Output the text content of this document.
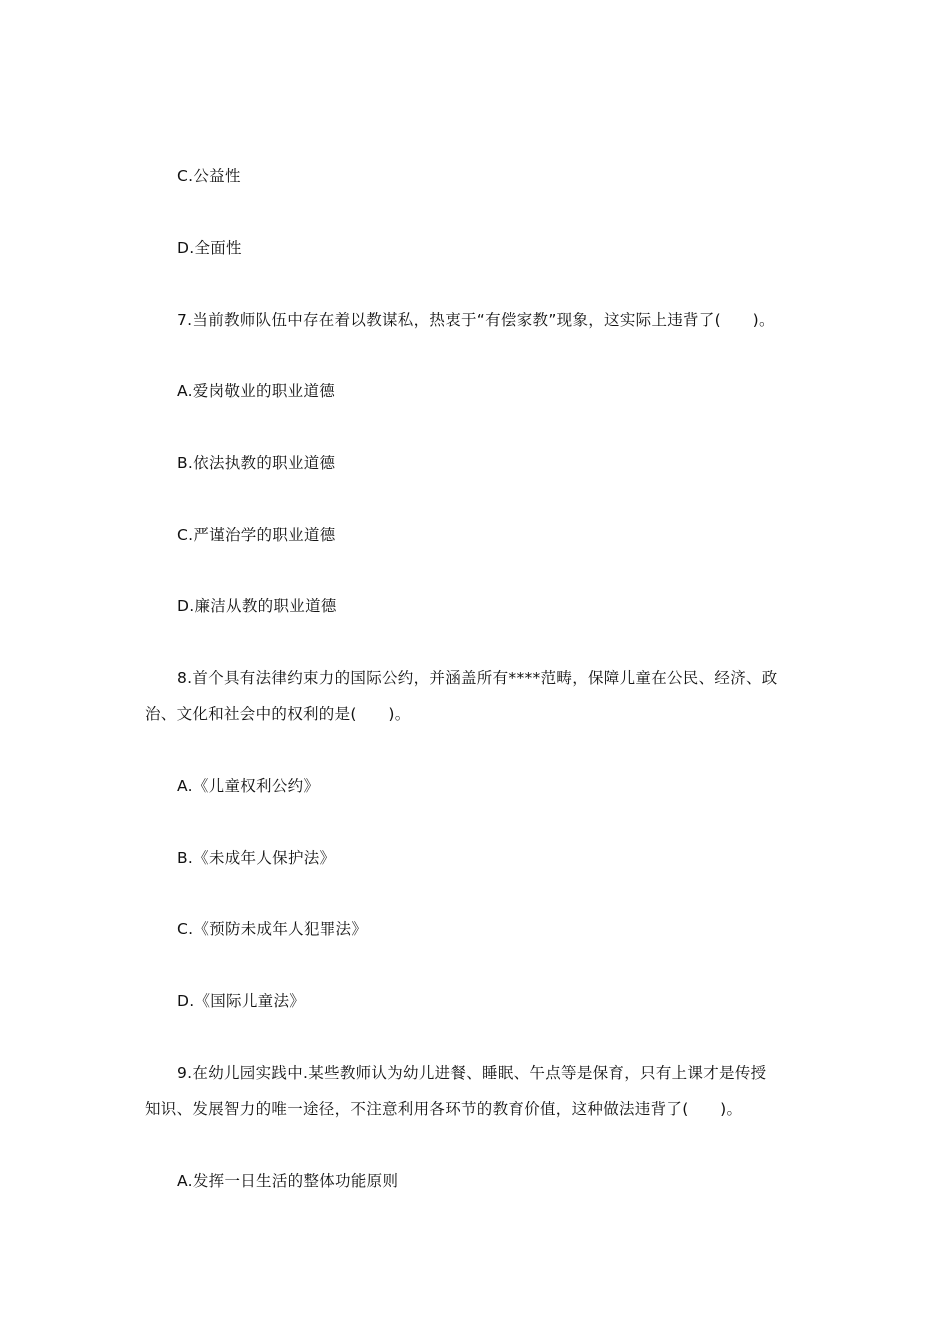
C.公益性
D.全面性
7.当前教师队伍中存在着以教谋私，热衷于“有偿家教”现象，这实际上违背了(　　)。
A.爱岗敬业的职业道德
B.依法执教的职业道德
C.严谨治学的职业道德
D.廉洁从教的职业道德
8.首个具有法律约束力的国际公约，并涵盖所有****范畴，保障儿童在公民、经济、政
治、文化和社会中的权利的是(　　)。
A.《儿童权利公约》
B.《未成年人保护法》
C.《预防未成年人犯罪法》
D.《国际儿童法》
9.在幼儿园实践中.某些教师认为幼儿进餐、睡眠、午点等是保育，只有上课才是传授
知识、发展智力的唯一途径，不注意利用各环节的教育价值，这种做法违背了(　　)。
A.发挥一日生活的整体功能原则
